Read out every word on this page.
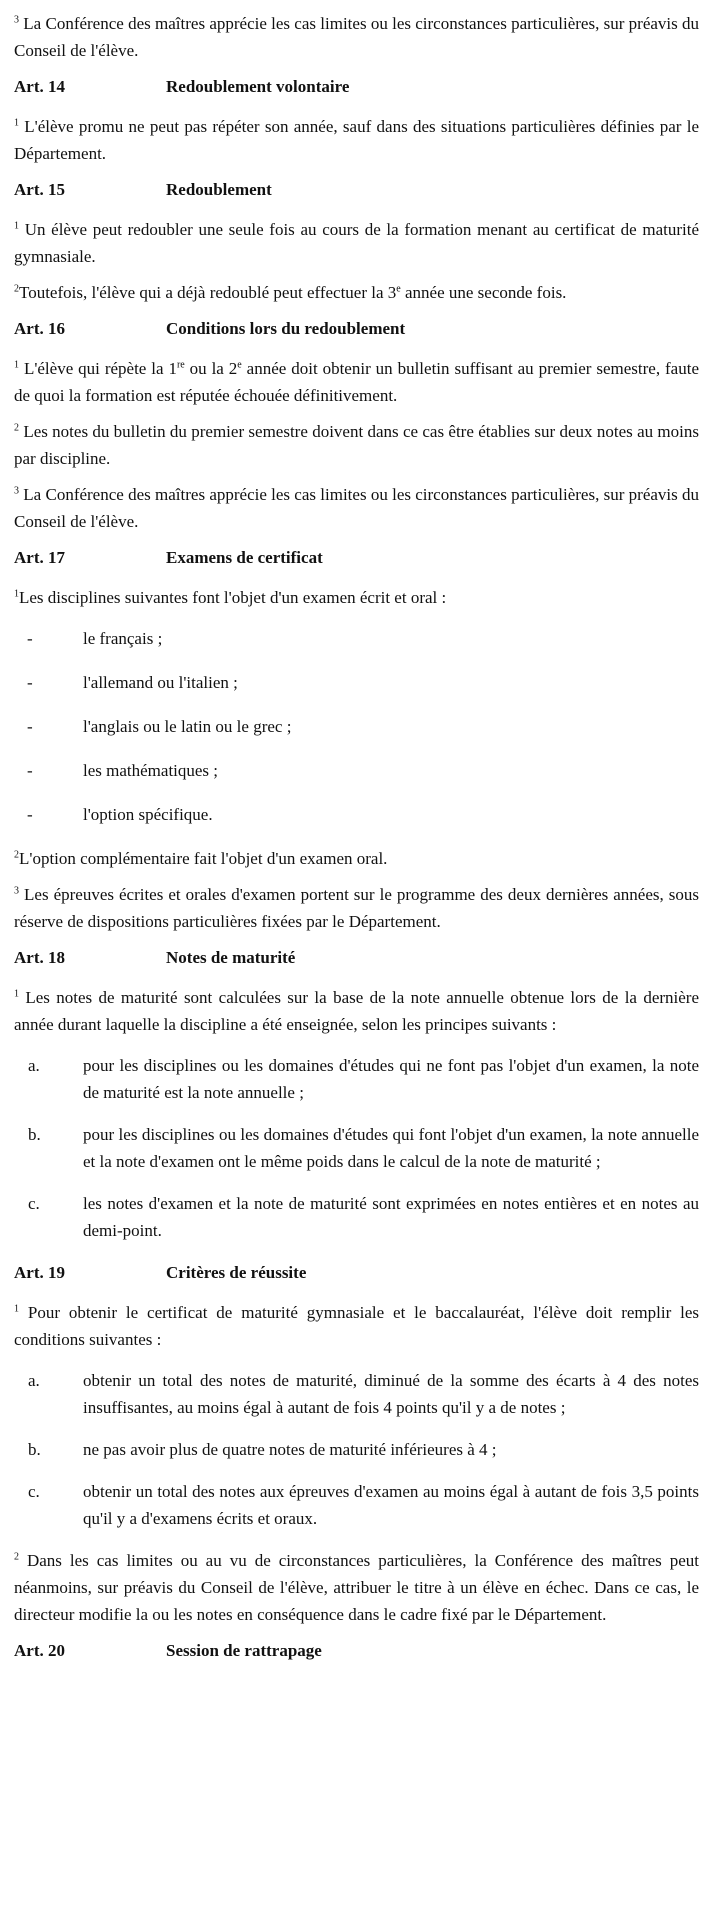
$^3$ La Conférence des maîtres apprécie les cas limites ou les circonstances particulières, sur préavis du Conseil de l'élève.

Art. 14	Redoublement volontaire

$^1$ L'élève promu ne peut pas répéter son année, sauf dans des situations particulières définies par le Département.

Art. 15	Redoublement

$^1$ Un élève peut redoubler une seule fois au cours de la formation menant au certificat de maturité gymnasiale.

$^2$Toutefois, l'élève qui a déjà redoublé peut effectuer la 3e année une seconde fois.

Art. 16	Conditions lors du redoublement

$^1$ L'élève qui répète la 1re ou la 2e année doit obtenir un bulletin suffisant au premier semestre, faute de quoi la formation est réputée échouée définitivement.

$^2$ Les notes du bulletin du premier semestre doivent dans ce cas être établies sur deux notes au moins par discipline.

$^3$ La Conférence des maîtres apprécie les cas limites ou les circonstances particulières, sur préavis du Conseil de l'élève.

Art. 17	Examens de certificat

$^1$Les disciplines suivantes font l'objet d'un examen écrit et oral :

-	le français ;
-	l'allemand ou l'italien ;
-	l'anglais ou le latin ou le grec ;
-	les mathématiques ;
-	l'option spécifique.

$^2$L'option complémentaire fait l'objet d'un examen oral.

$^3$ Les épreuves écrites et orales d'examen portent sur le programme des deux dernières années, sous réserve de dispositions particulières fixées par le Département.

Art. 18	Notes de maturité

$^1$ Les notes de maturité sont calculées sur la base de la note annuelle obtenue lors de la dernière année durant laquelle la discipline a été enseignée, selon les principes suivants :

a.	pour les disciplines ou les domaines d'études qui ne font pas l'objet d'un examen, la note de maturité est la note annuelle ;
b.	pour les disciplines ou les domaines d'études qui font l'objet d'un examen, la note annuelle et la note d'examen ont le même poids dans le calcul de la note de maturité ;
c.	les notes d'examen et la note de maturité sont exprimées en notes entières et en notes au demi-point.
Art. 19	Critères de réussite

$^1$ Pour obtenir le certificat de maturité gymnasiale et le baccalauréat, l'élève doit remplir les conditions suivantes :

a.	obtenir un total des notes de maturité, diminué de la somme des écarts à 4 des notes insuffisantes, au moins égal à autant de fois 4 points qu'il y a de notes ;
b.	ne pas avoir plus de quatre notes de maturité inférieures à 4 ;
c.	obtenir un total des notes aux épreuves d'examen au moins égal à autant de fois 3,5 points qu'il y a d'examens écrits et oraux.

$^2$ Dans les cas limites ou au vu de circonstances particulières, la Conférence des maîtres peut néanmoins, sur préavis du Conseil de l'élève, attribuer le titre à un élève en échec. Dans ce cas, le directeur modifie la ou les notes en conséquence dans le cadre fixé par le Département.

Art. 20	Session de rattrapage
